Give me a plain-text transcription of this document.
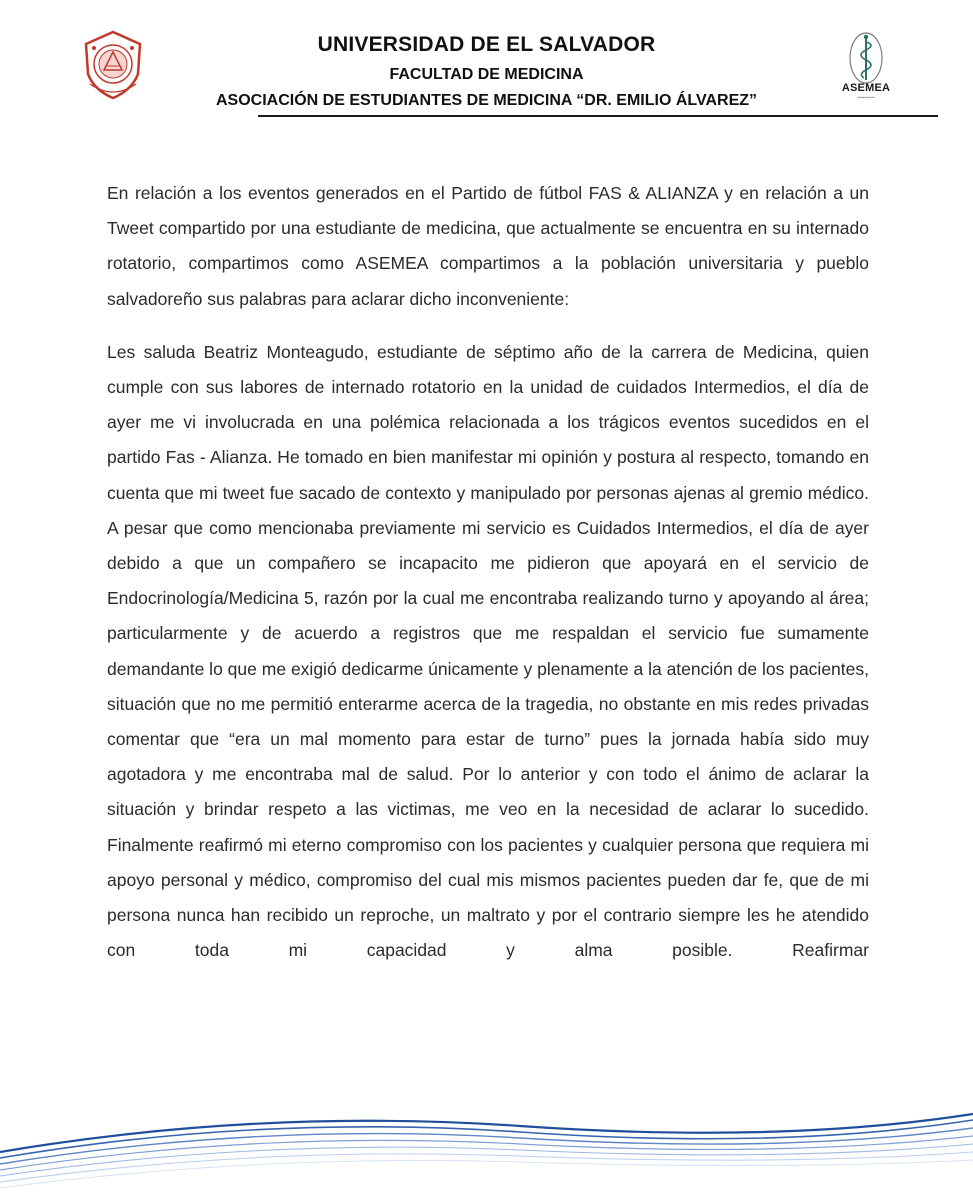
UNIVERSIDAD DE EL SALVADOR
FACULTAD DE MEDICINA
ASOCIACIÓN DE ESTUDIANTES DE MEDICINA “DR. EMILIO ÁLVAREZ”
ASEMEA
▪▪▪▪▪▪▪▪▪▪

En relación a los eventos generados en el Partido de fútbol FAS & ALIANZA y en relación a un Tweet compartido por una estudiante de medicina, que actualmente se encuentra en su internado rotatorio, compartimos como ASEMEA compartimos a la población universitaria y pueblo salvadoreño sus palabras para aclarar dicho inconveniente:

Les saluda Beatriz Monteagudo, estudiante de séptimo año de la carrera de Medicina, quien cumple con sus labores de internado rotatorio en la unidad de cuidados Intermedios, el día de ayer me vi involucrada en una polémica relacionada a los trágicos eventos sucedidos en el partido Fas - Alianza. He tomado en bien manifestar mi opinión y postura al respecto, tomando en cuenta que mi tweet fue sacado de contexto y manipulado por personas ajenas al gremio médico. A pesar que como mencionaba previamente mi servicio es Cuidados Intermedios, el día de ayer debido a que un compañero se incapacito me pidieron que apoyará en el servicio de Endocrinología/Medicina 5, razón por la cual me encontraba realizando turno y apoyando al área; particularmente y de acuerdo a registros que me respaldan el servicio fue sumamente demandante lo que me exigió dedicarme únicamente y plenamente a la atención de los pacientes, situación que no me permitió enterarme acerca de la tragedia, no obstante en mis redes privadas comentar que “era un mal momento para estar de turno” pues la jornada había sido muy agotadora y me encontraba mal de salud. Por lo anterior y con todo el ánimo de aclarar la situación y brindar respeto a las victimas, me veo en la necesidad de aclarar lo sucedido. Finalmente reafirmó mi eterno compromiso con los pacientes y cualquier persona que requiera mi apoyo personal y médico, compromiso del cual mis mismos pacientes pueden dar fe, que de mi persona nunca han recibido un reproche, un maltrato y por el contrario siempre les he atendido con toda mi capacidad y alma posible. Reafirmar
